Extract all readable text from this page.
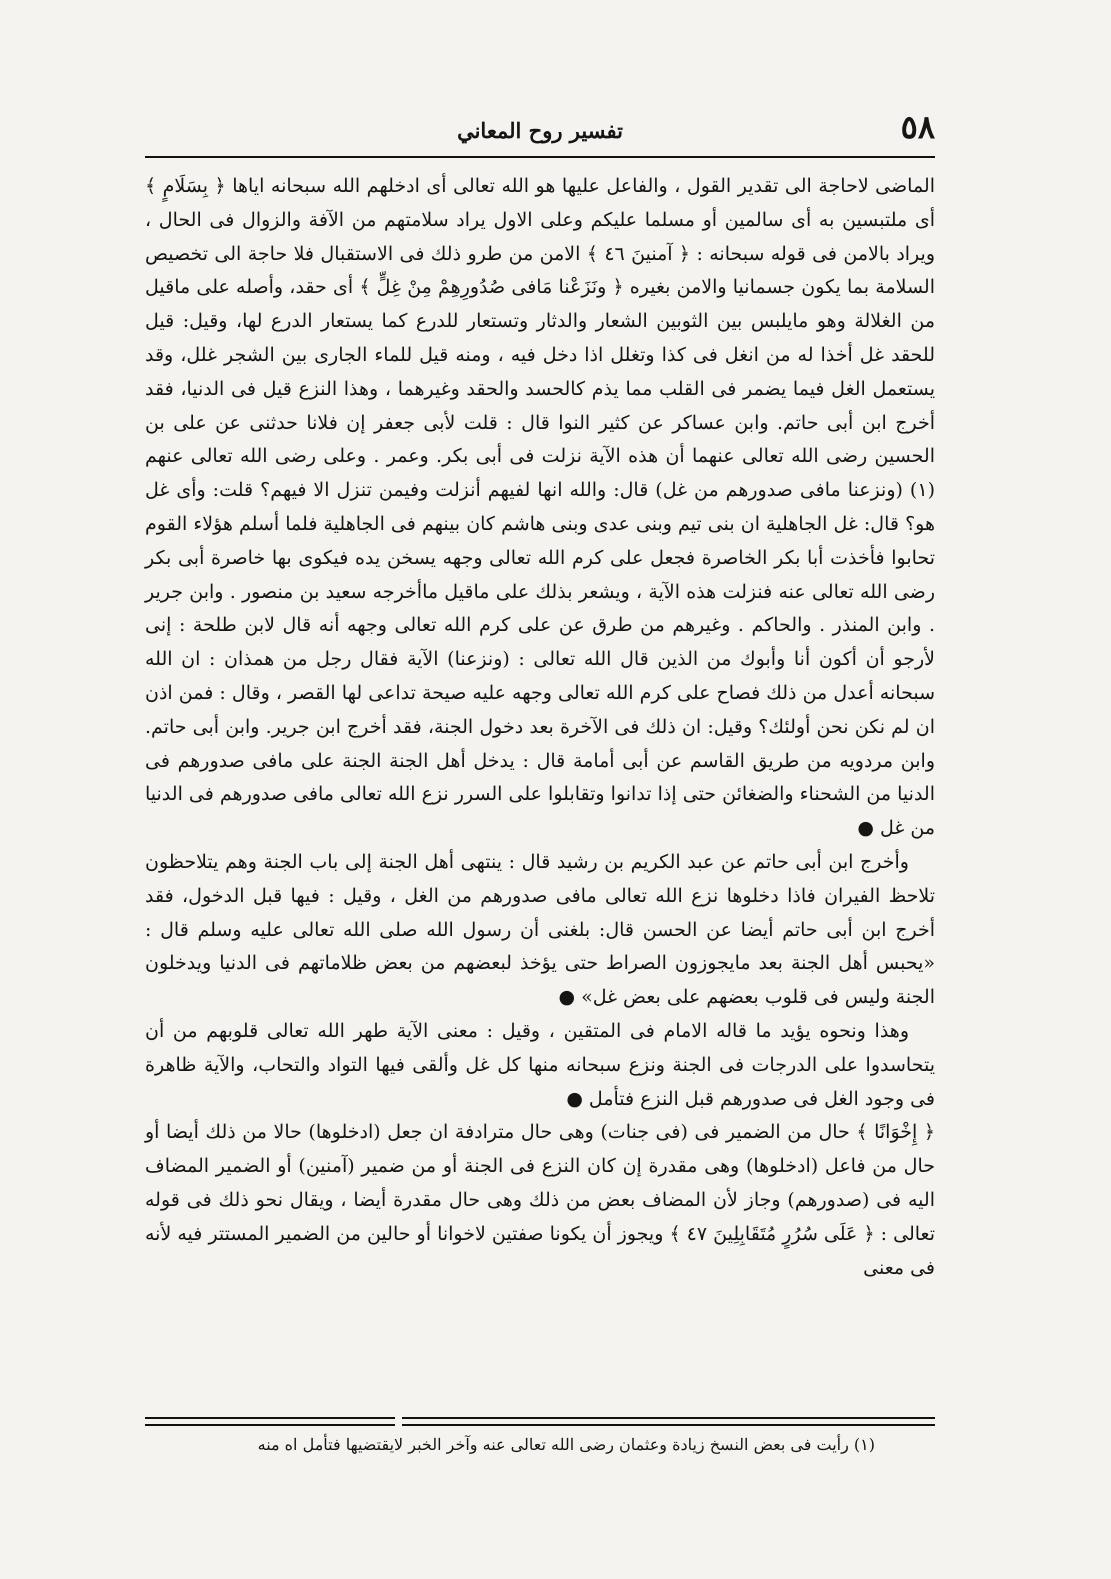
٥٨
تفسير روح المعاني

الماضى لاحاجة الى تقدير القول ، والفاعل عليها هو الله تعالى أى ادخلهم الله سبحانه اياها ﴿ بِسَلَامٍ ﴾ أى ملتبسين به أى سالمين أو مسلما عليكم وعلى الاول يراد سلامتهم من الآفة والزوال فى الحال ، ويراد بالامن فى قوله سبحانه : ﴿ آمنينَ ٤٦ ﴾ الامن من طرو ذلك فى الاستقبال فلا حاجة الى تخصيص السلامة بما يكون جسمانيا والامن بغيره ﴿ ونَزَعْنا مَافى صُدُورِهِمْ مِنْ غِلٍّ ﴾ أى حقد، وأصله على ماقيل من الغلالة وهو مايلبس بين الثوبين الشعار والدثار وتستعار للدرع كما يستعار الدرع لها، وقيل: قيل للحقد غل أخذا له من انغل فى كذا وتغلل اذا دخل فيه ، ومنه قيل للماء الجارى بين الشجر غلل، وقد يستعمل الغل فيما يضمر فى القلب مما يذم كالحسد والحقد وغيرهما ، وهذا النزع قيل فى الدنيا، فقد أخرج ابن أبى حاتم. وابن عساكر عن كثير النوا قال : قلت لأبى جعفر إن فلانا حدثنى عن على بن الحسين رضى الله تعالى عنهما أن هذه الآية نزلت فى أبى بكر. وعمر . وعلى رضى الله تعالى عنهم (١) (ونزعنا مافى صدورهم من غل) قال: والله انها لفيهم أنزلت وفيمن تنزل الا فيهم؟ قلت: وأى غل هو؟ قال: غل الجاهلية ان بنى تيم وبنى عدى وبنى هاشم كان بينهم فى الجاهلية فلما أسلم هؤلاء القوم تحابوا فأخذت أبا بكر الخاصرة فجعل على كرم الله تعالى وجهه يسخن يده فيكوى بها خاصرة أبى بكر رضى الله تعالى عنه فنزلت هذه الآية ، ويشعر بذلك على ماقيل ماأخرجه سعيد بن منصور . وابن جرير . وابن المنذر . والحاكم . وغيرهم من طرق عن على كرم الله تعالى وجهه أنه قال لابن طلحة : إنى لأرجو أن أكون أنا وأبوك من الذين قال الله تعالى : (ونزعنا) الآية فقال رجل من همذان : ان الله سبحانه أعدل من ذلك فصاح على كرم الله تعالى وجهه عليه صيحة تداعى لها القصر ، وقال : فمن اذن ان لم نكن نحن أولئك؟ وقيل: ان ذلك فى الآخرة بعد دخول الجنة، فقد أخرج ابن جرير. وابن أبى حاتم. وابن مردويه من طريق القاسم عن أبى أمامة قال : يدخل أهل الجنة الجنة على مافى صدورهم فى الدنيا من الشحناء والضغائن حتى إذا تدانوا وتقابلوا على السرر نزع الله تعالى مافى صدورهم فى الدنيا من غل ●

وأخرج ابن أبى حاتم عن عبد الكريم بن رشيد قال : ينتهى أهل الجنة إلى باب الجنة وهم يتلاحظون تلاحظ الفيران فاذا دخلوها نزع الله تعالى مافى صدورهم من الغل ، وقيل : فيها قبل الدخول، فقد أخرج ابن أبى حاتم أيضا عن الحسن قال: بلغنى أن رسول الله صلى الله تعالى عليه وسلم قال : «يحبس أهل الجنة بعد مايجوزون الصراط حتى يؤخذ لبعضهم من بعض ظلاماتهم فى الدنيا ويدخلون الجنة وليس فى قلوب بعضهم على بعض غل» ●

وهذا ونحوه يؤيد ما قاله الامام فى المتقين ، وقيل : معنى الآية طهر الله تعالى قلوبهم من أن يتحاسدوا على الدرجات فى الجنة ونزع سبحانه منها كل غل وألقى فيها التواد والتحاب، والآية ظاهرة فى وجود الغل فى صدورهم قبل النزع فتأمل ●

﴿ إِخْوَانًا ﴾ حال من الضمير فى (فى جنات) وهى حال مترادفة ان جعل (ادخلوها) حالا من ذلك أيضا أو حال من فاعل (ادخلوها) وهى مقدرة إن كان النزع فى الجنة أو من ضمير (آمنين) أو الضمير المضاف اليه فى (صدورهم) وجاز لأن المضاف بعض من ذلك وهى حال مقدرة أيضا ، ويقال نحو ذلك فى قوله تعالى : ﴿ عَلَى سُرُرٍ مُتَقَابِلِينَ ٤٧ ﴾ ويجوز أن يكونا صفتين لاخوانا أو حالين من الضمير المستتر فيه لأنه فى معنى

(١) رأيت فى بعض النسخ زيادة وعثمان رضى الله تعالى عنه وآخر الخبر لايقتضيها فتأمل اه منه
